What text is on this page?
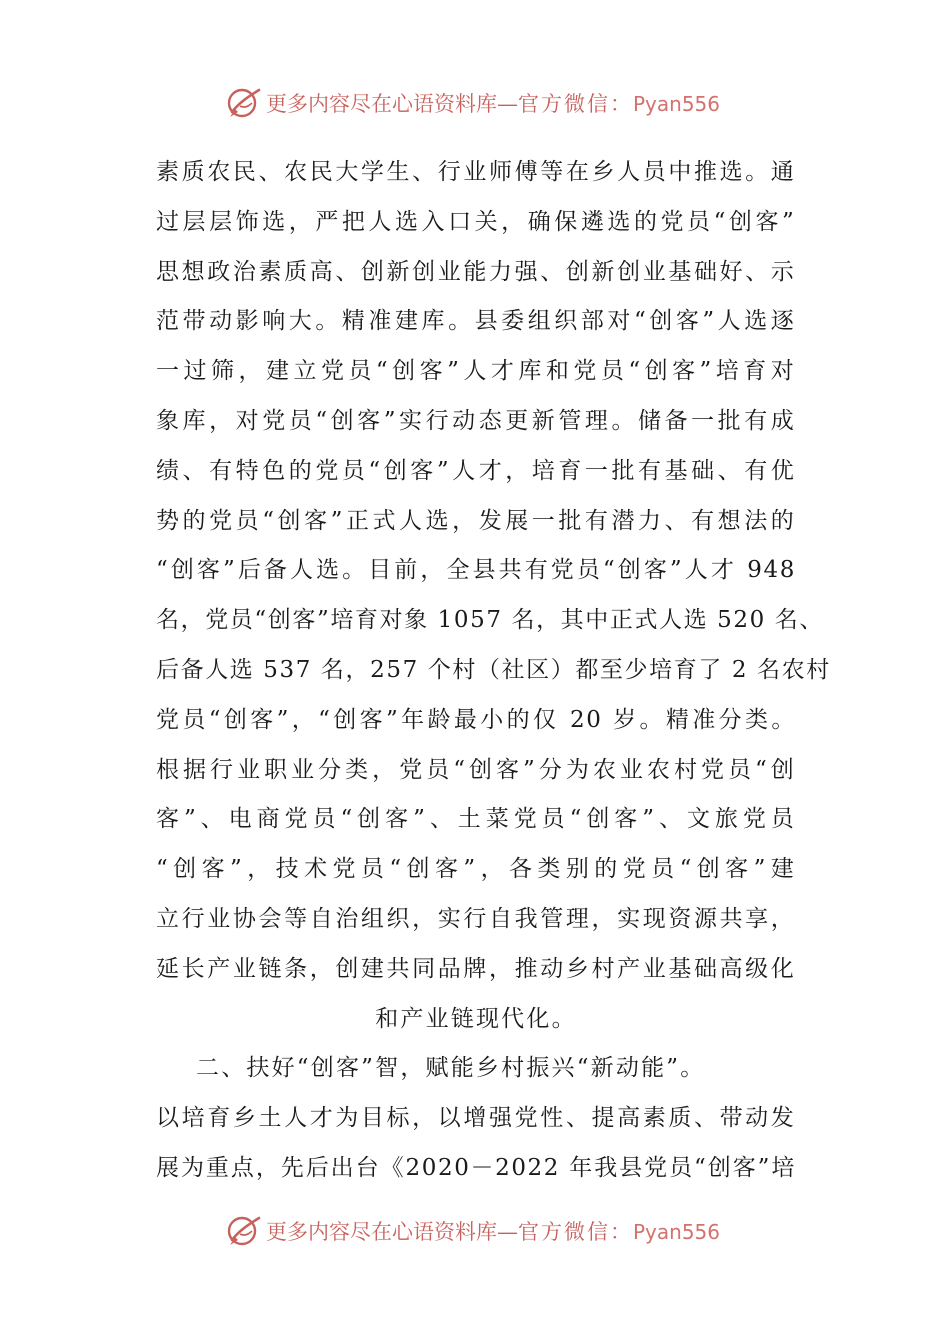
更多内容尽在心语资料库—官方微信：Pyan556
素质农民、农民大学生、行业师傅等在乡人员中推选。通
过层层饰选，严把人选入口关，确保遴选的党员“创客”
思想政治素质高、创新创业能力强、创新创业基础好、示
范带动影响大。精准建库。县委组织部对“创客”人选逐
一过筛，建立党员“创客”人才库和党员“创客”培育对
象库，对党员“创客”实行动态更新管理。储备一批有成
绩、有特色的党员“创客”人才，培育一批有基础、有优
势的党员“创客”正式人选，发展一批有潜力、有想法的
“创客”后备人选。目前，全县共有党员“创客”人才 948
名，党员“创客”培育对象 1057 名，其中正式人选 520 名、
后备人选 537 名，257 个村（社区）都至少培育了 2 名农村
党员“创客”，“创客”年龄最小的仅 20 岁。精准分类。
根据行业职业分类，党员“创客”分为农业农村党员“创
客”、电商党员“创客”、土菜党员“创客”、文旅党员
“创客”，技术党员“创客”，各类别的党员“创客”建
立行业协会等自治组织，实行自我管理，实现资源共享，
延长产业链条，创建共同品牌，推动乡村产业基础高级化
和产业链现代化。
二、扶好“创客”智，赋能乡村振兴“新动能”。
以培育乡土人才为目标，以增强党性、提高素质、带动发
展为重点，先后出台《2020－2022 年我县党员“创客”培
更多内容尽在心语资料库—官方微信：Pyan556
